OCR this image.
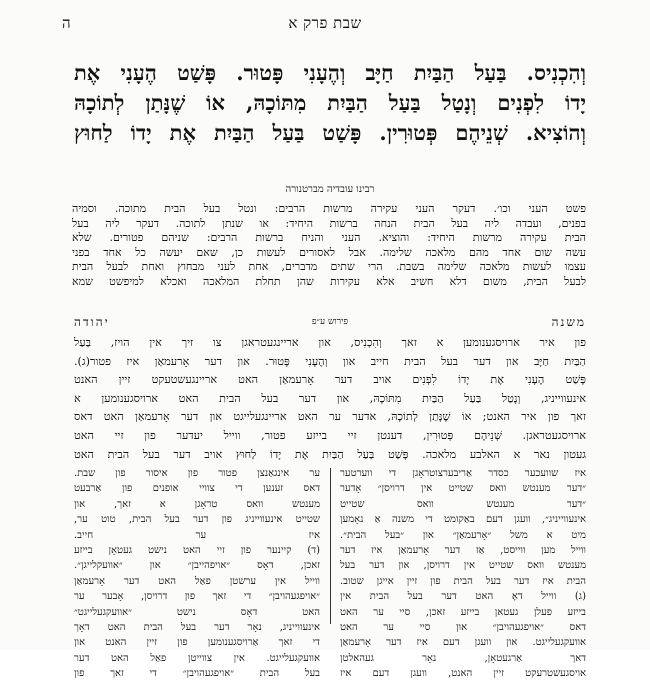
שבת פרק א
ה
וְהִכְנִיס. בַּעַל הַבַּיִת חַיָּב וְהֶעָנִי פָּטוּר. פָּשַׁט הֶעָנִי אֶת
יָדוֹ לִפְנִים וְנָטַל בַּעַל הַבַּיִת מִתּוֹכָהּ, אוֹ שֶׁנָּתַן לְתוֹכָהּ
וְהוֹצִיא. שְׁנֵיהֶם פְּטוּרִין. פָּשַׁט בַּעַל הַבַּיִת אֶת יָדוֹ לַחוּץ
רבינו עובדיה מברטנורה
פשט העני וכו׳. דעקר העני עקירה מרשות הרבים: ונטל בעל הבית מתוכה. וסמיה
בפנים, ועבדה ליה בעל הבית הנחה ברשות היחיד: או שנתן לתוכה. דעקר ליה בעל
הבית עקירה מרשות היחיד: והוציא. העני והניח ברשות הרבים: שניהם פטורים. שלא
עשה שום אחד מהם מלאכה שלימה. אבל לאסורים לעשות כן, שאם יעשה כל אחד בפני
עצמו לעשות מלאכה שלימה בשבת. הרי שתים מדברים, אחת לעני מבחוץ ואחת לבעל הבית
לבעל הבית, משום דלא חשיב אלא עקירות שהן תחלת המלאכה ואכלא למיפשט שמא
משנה
פירוש ע״פ
יהודה
פון איר ארויסגענומען א זאך וְהִכְנִיס, און אריינגעטראגן צו זיך אין הויז, בַּעַל
הַבַּיִת חַיָּב און דער בעל הבית חייב און וְהֶעָנִי פָּטוּר. און דער אָרעמאַן איז פטור(ג).
פָּשַׁט הֶעָנִי אֶת יָדוֹ לִפְנִים אויב דער אָרעמאַן האט אריינגעשטעקט זיין האנט
אינעווייניג, וְנָטַל בַּעַל הַבַּיִת מִתּוֹכָהּ, און דער בעל הבית האט ארויסגענומען א
זאך פון איר האנט; אוֹ שֶׁנָּתַן לְתוֹכָהּ, אדער ער האט אריינגעלייגט און דער אָרעמאַן האט דאס
ארויסגעטראגן. שְׁנֵיהֶם פְּטוּרִין, דענטן זיי בייזע פטור, ווייל יעדער פון זיי האט
געטון נאר א האלבע מלאכה. פָּשַׁט בַּעַל הַבַּיִת אֶת יָדוֹ לַחוּץ אויב דער בעל הבית האט
איז שוועכער כסדר אַריבערצוטראָגן די ווערטער
״דער מענטש וואס שטייט אין דרויסן״ אָדער
״דער מענטש וואס שטייט
אינעווייניג״, וועגן דעם באַקומט די משנה אַ נאָמען
מיט א משל ״אָרעמאַן״ און ״בעל הבית״.
ווייל מען ווייסט, אַז דער אָרעמאַן איז דער
מענטש וואס שטייט אין דרויסן, און דער בעל
הבית איז דער בעל הבית פון זיין אייגן שטוב.
(ג) ווייל דאָ האט דער בעל הבית אין
בייזע פעלן געטאן בייזע זאכן, סיי ער האט
דאס ״אויפגעהויבן״ און סיי ער האט
אוועקגעלייגט. און וועגן דעם איז דער אָרעמאַן
דאך אַרגעטאָן, נאָר געהאלטן
אויסגעשטרעקט זיין האנט, וועגן דעם איז
ער אינגאַנצן פטור פון איסור פון שבת.
דאס זענען די צוויי אופנים פון אַרבעט
מענטש וואס טראָגן א זאך, און
שטייט אינעווייניג פון דער בעל הבית, טוט ער,
איז ער חייב.
(ד) קיינער פון זיי האט נישט געטאָן בייזע
זאכן, דאָס ״אויפהייבן״ און ״אוועקלייגן״.
ווייל אין ערשטן פאַל האט דער אָרעמאַן
״אויפגעהויבן״ די זאך פון דרויסן, אָבער ער
האט דאָס נישט ״אוועקגעלייגט״
אינעווייניג, נאָר דער בעל הבית האט דאָך
די זאך אַרויסגענומען פון זיין האנט און
אוועקגעלייגט. אין צווייטן פאַל האט דער
בעל הבית ״אויפגעהויבן״ די זאך פון
